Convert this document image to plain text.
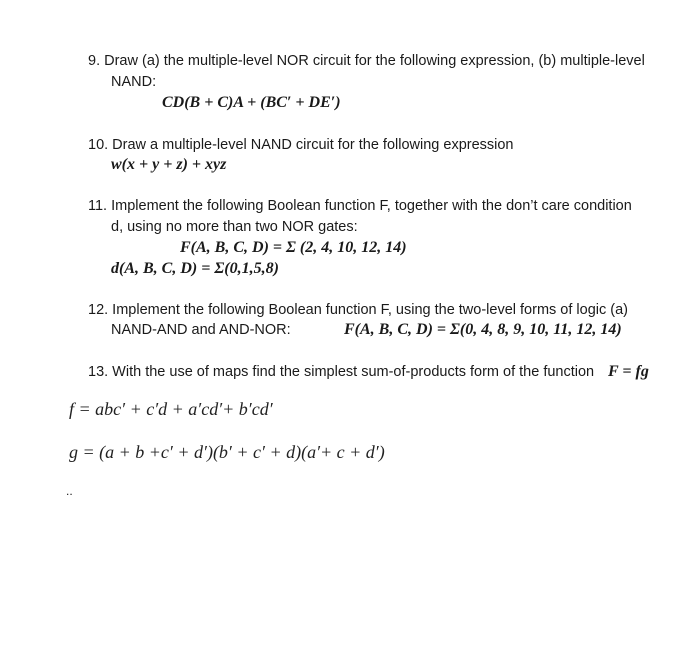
9. Draw (a) the multiple-level NOR circuit for the following expression, (b) multiple-level
NAND:
CD(B + C)A + (BC′ + DE′)
10. Draw a multiple-level NAND circuit for the following expression
w(x + y + z) + xyz
11. Implement the following Boolean function F, together with the don’t care condition
d, using no more than two NOR gates:
F(A, B, C, D) = Σ (2, 4, 10, 12, 14)
d(A, B, C, D) = Σ(0,1,5,8)
12. Implement the following Boolean function F, using the two-level forms of logic (a)
NAND-AND and AND-NOR:	F(A, B, C, D) = Σ(0, 4, 8, 9, 10, 11, 12, 14)
13. With the use of maps find the simplest sum-of-products form of the function F = fg
f = abc′ + c′d + a′cd′+ b′cd′
g = (a + b +c′ + d′)(b′ + c′ + d)(a′+ c + d′)
..
